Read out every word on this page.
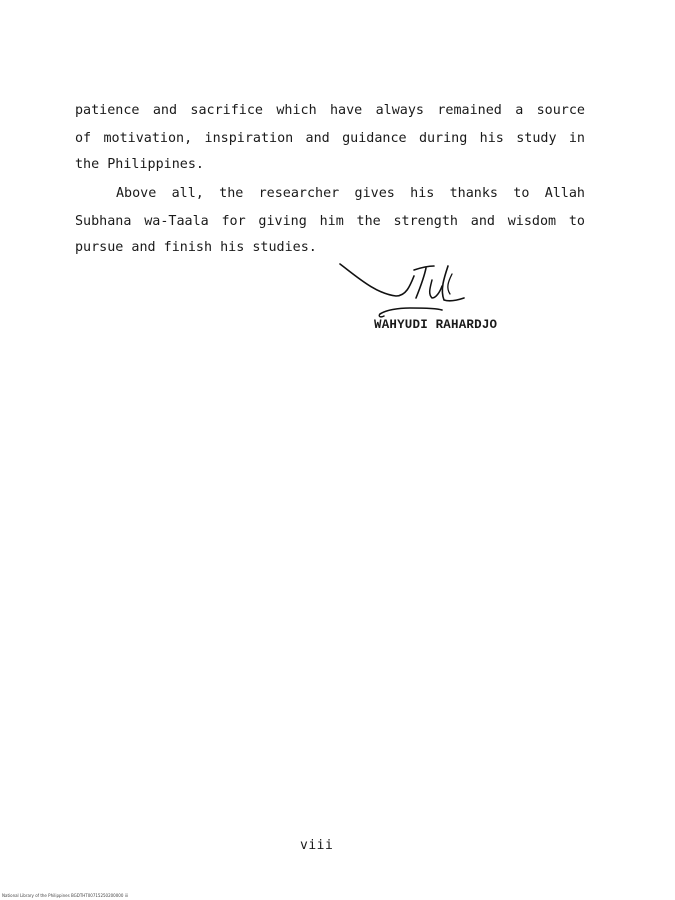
patience and sacrifice which have always remained a source
of motivation, inspiration and guidance during his study in
the Philippines.
Above all, the researcher gives his thanks to Allah
Subhana wa-Taala for giving him the strength and wisdom to
pursue and finish his studies.
WAHYUDI RAHARDJO
viii
National Library of the Philippines BGDTHT00715250200000 iii
